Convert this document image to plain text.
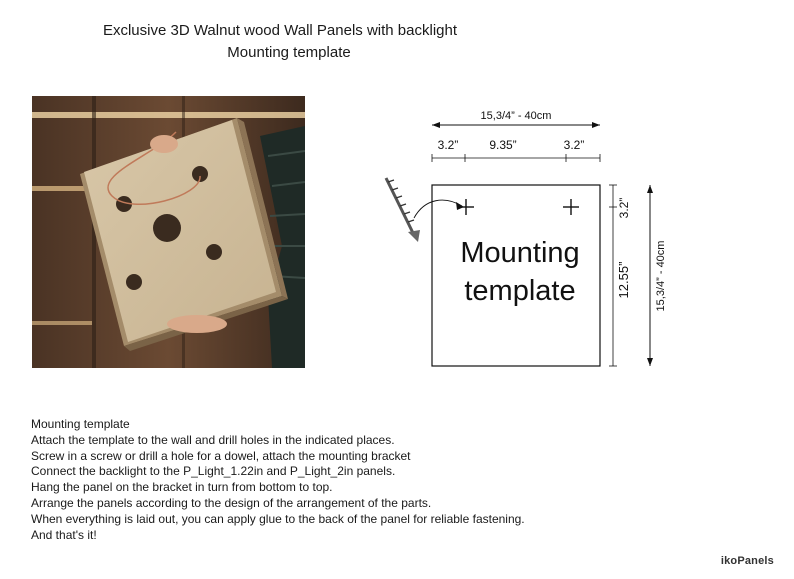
Exclusive 3D Walnut wood Wall Panels with backlight
Mounting template
15,3/4” - 40cm
3.2”	9.35”	3.2”
Mounting
template
3.2”
12.55” 15,3/4” - 40cm
Mounting template
Attach the template to the wall and drill holes in the indicated places.
Screw in a screw or drill a hole for a dowel, attach the mounting bracket
Connect the backlight to the P_Light_1.22in and P_Light_2in panels.
Hang the panel on the bracket in turn from bottom to top.
Arrange the panels according to the design of the arrangement of the parts.
When everything is laid out, you can apply glue to the back of the panel for reliable fastening.
And that's it!
ikoPanels
